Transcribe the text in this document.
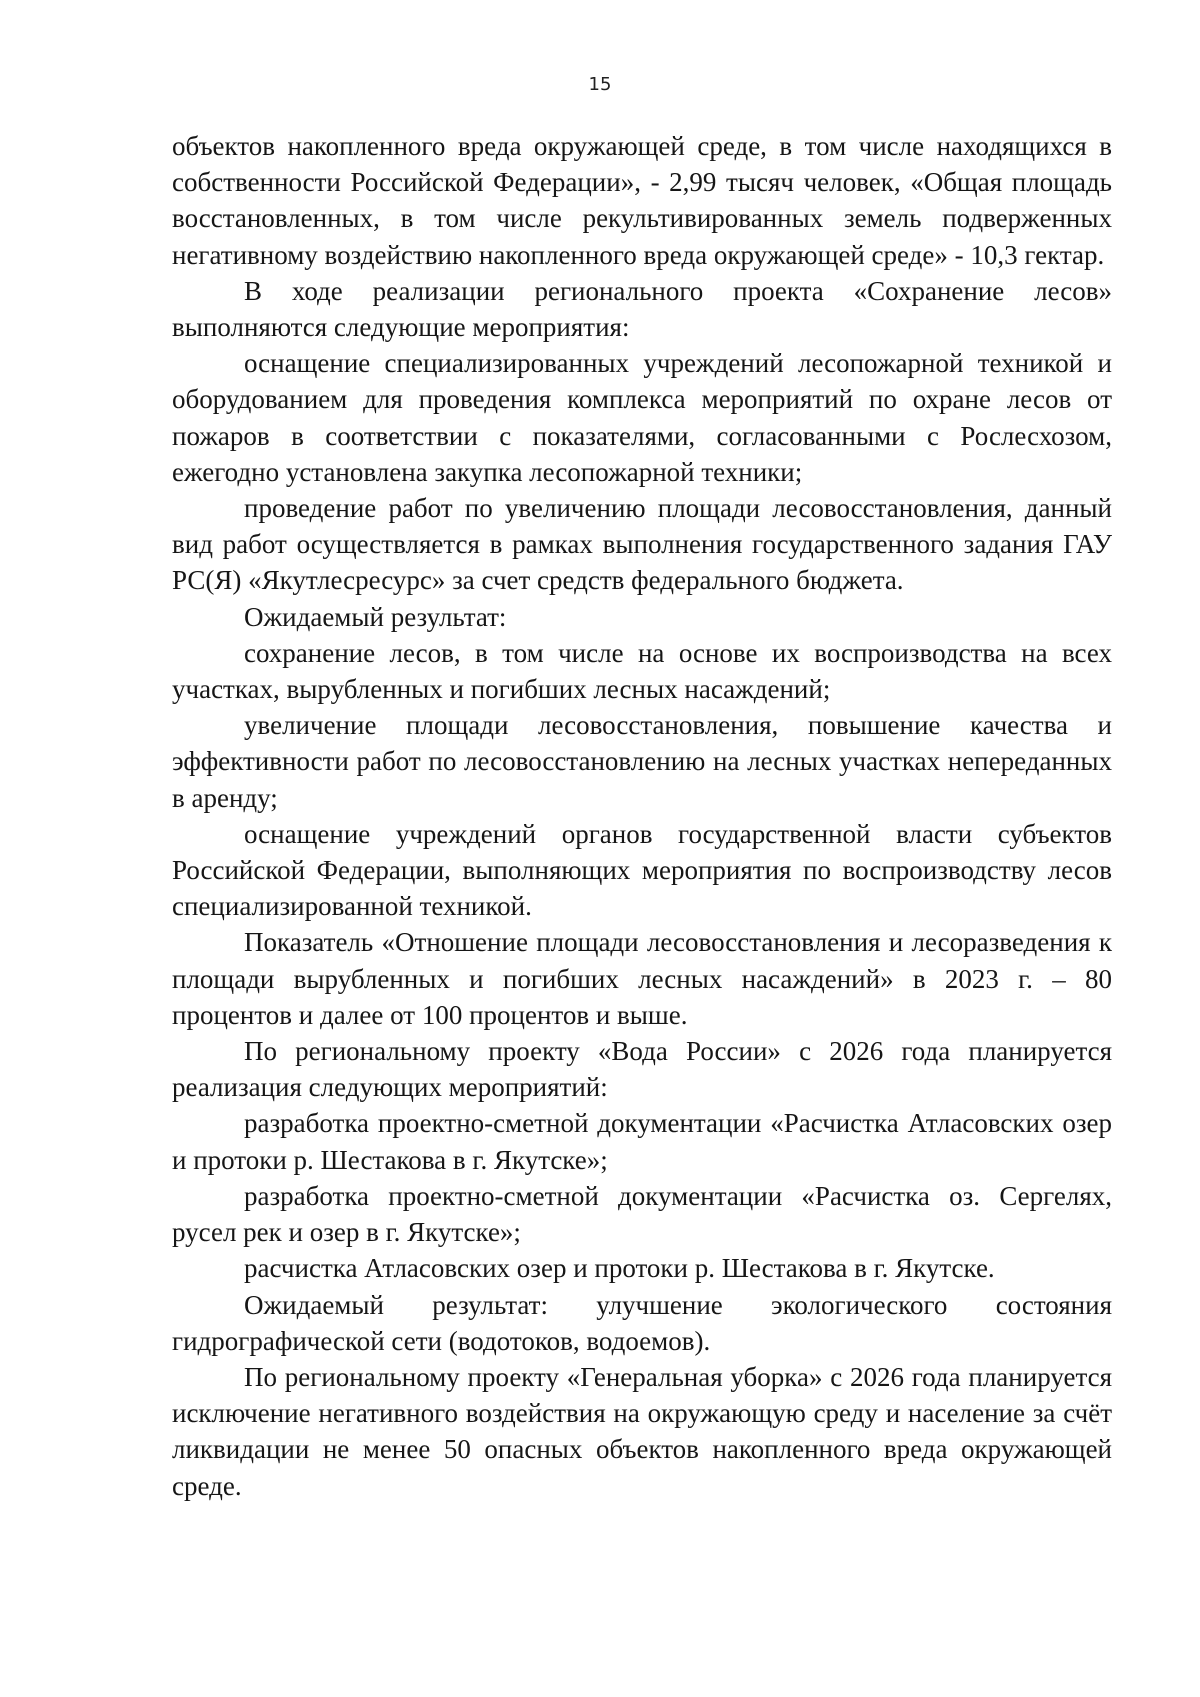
15

объектов накопленного вреда окружающей среде, в том числе находящихся в собственности Российской Федерации», - 2,99 тысяч человек, «Общая площадь восстановленных, в том числе рекультивированных земель подверженных негативному воздействию накопленного вреда окружающей среде» - 10,3 гектар.

В ходе реализации регионального проекта «Сохранение лесов» выполняются следующие мероприятия:

оснащение специализированных учреждений лесопожарной техникой и оборудованием для проведения комплекса мероприятий по охране лесов от пожаров в соответствии с показателями, согласованными с Рослесхозом, ежегодно установлена закупка лесопожарной техники;

проведение работ по увеличению площади лесовосстановления, данный вид работ осуществляется в рамках выполнения государственного задания ГАУ РС(Я) «Якутлесресурс» за счет средств федерального бюджета.

Ожидаемый результат:

сохранение лесов, в том числе на основе их воспроизводства на всех участках, вырубленных и погибших лесных насаждений;

увеличение площади лесовосстановления, повышение качества и эффективности работ по лесовосстановлению на лесных участках непереданных в аренду;

оснащение учреждений органов государственной власти субъектов Российской Федерации, выполняющих мероприятия по воспроизводству лесов специализированной техникой.

Показатель «Отношение площади лесовосстановления и лесоразведения к площади вырубленных и погибших лесных насаждений» в 2023 г. – 80 процентов и далее от 100 процентов и выше.

По региональному проекту «Вода России» с 2026 года планируется реализация следующих мероприятий:

разработка проектно-сметной документации «Расчистка Атласовских озер и протоки р. Шестакова в г. Якутске»;

разработка проектно-сметной документации «Расчистка оз. Сергелях, русел рек и озер в г. Якутске»;

расчистка Атласовских озер и протоки р. Шестакова в г. Якутске.

Ожидаемый результат: улучшение экологического состояния гидрографической сети (водотоков, водоемов).

По региональному проекту «Генеральная уборка» с 2026 года планируется исключение негативного воздействия на окружающую среду и население за счёт ликвидации не менее 50 опасных объектов накопленного вреда окружающей среде.
